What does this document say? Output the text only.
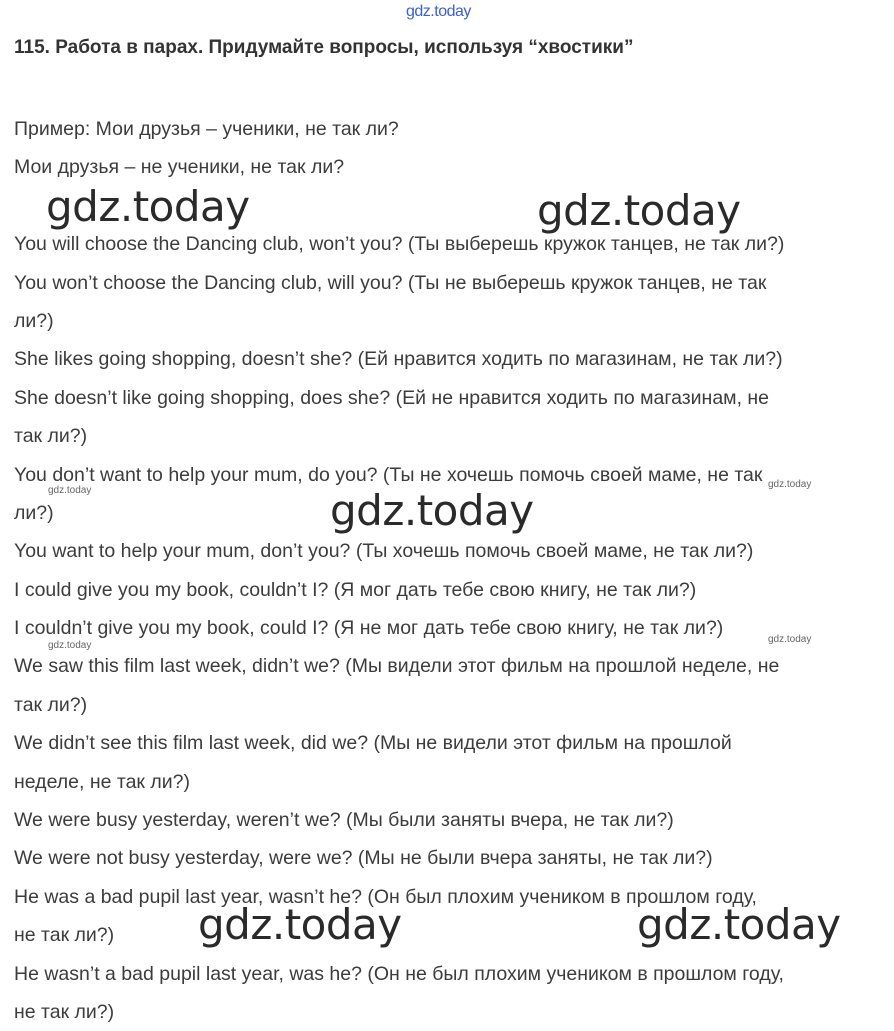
gdz.today
115. Работа в парах. Придумайте вопросы, используя “хвостики”
Пример: Мои друзья – ученики, не так ли?
Мои друзья – не ученики, не так ли?
You will choose the Dancing club, won’t you? (Ты выберешь кружок танцев, не так ли?)
You won’t choose the Dancing club, will you? (Ты не выберешь кружок танцев, не так
ли?)
She likes going shopping, doesn’t she? (Ей нравится ходить по магазинам, не так ли?)
She doesn’t like going shopping, does she? (Ей не нравится ходить по магазинам, не
так ли?)
You don’t want to help your mum, do you? (Ты не хочешь помочь своей маме, не так
ли?)
You want to help your mum, don’t you? (Ты хочешь помочь своей маме, не так ли?)
I could give you my book, couldn’t I? (Я мог дать тебе свою книгу, не так ли?)
I couldn’t give you my book, could I? (Я не мог дать тебе свою книгу, не так ли?)
We saw this film last week, didn’t we? (Мы видели этот фильм на прошлой неделе, не
так ли?)
We didn’t see this film last week, did we? (Мы не видели этот фильм на прошлой
неделе, не так ли?)
We were busy yesterday, weren’t we? (Мы были заняты вчера, не так ли?)
We were not busy yesterday, were we? (Мы не были вчера заняты, не так ли?)
He was a bad pupil last year, wasn’t he? (Он был плохим учеником в прошлом году,
не так ли?)
He wasn’t a bad pupil last year, was he? (Он не был плохим учеником в прошлом году,
не так ли?)
gdz.today	gdz.today
gdz.today
gdz.today	gdz.today
gdz.today
gdz.today
gdz.today
gdz.today
